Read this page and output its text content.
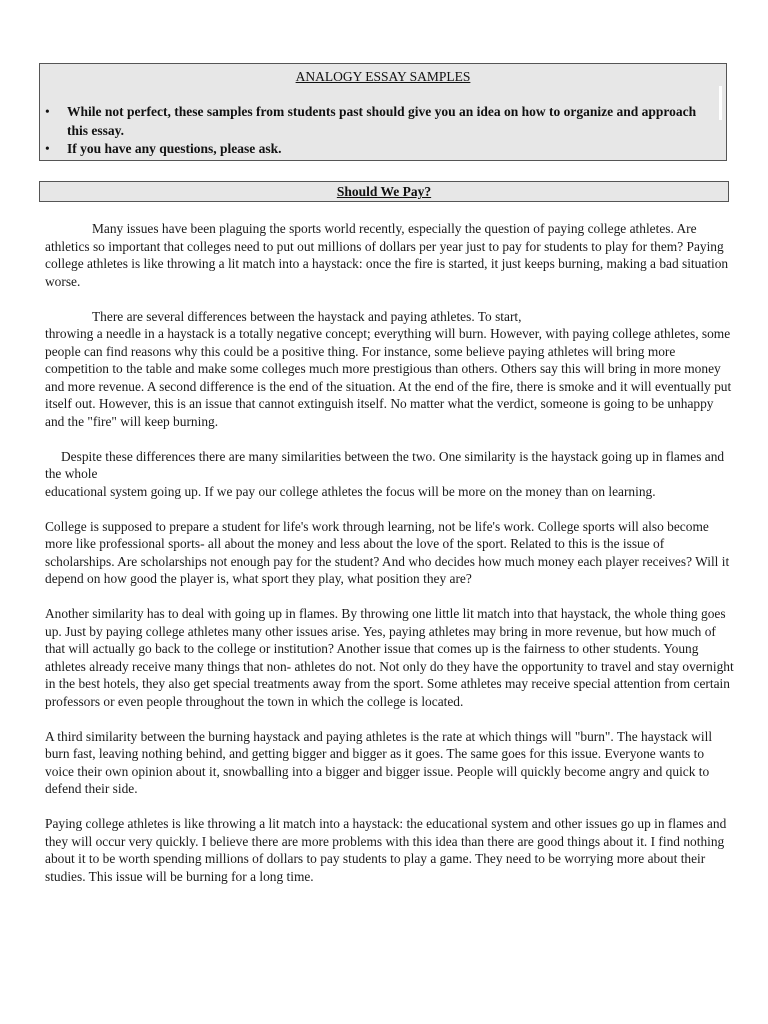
ANALOGY ESSAY SAMPLES
• While not perfect, these samples from students past should give you an idea on how to organize and approach this essay.
• If you have any questions, please ask.
Should We Pay?

Many issues have been plaguing the sports world recently, especially the question of paying college athletes. Are athletics so important that colleges need to put out millions of dollars per year just to pay for students to play for them? Paying college athletes is like throwing a lit match into a haystack: once the fire is started, it just keeps burning, making a bad situation worse.

There are several differences between the haystack and paying athletes. To start,

throwing a needle in a haystack is a totally negative concept; everything will burn. However, with paying college athletes, some people can find reasons why this could be a positive thing. For instance, some believe paying athletes will bring more competition to the table and make some colleges much more prestigious than others. Others say this will bring in more money and more revenue. A second difference is the end of the situation. At the end of the fire, there is smoke and it will eventually put itself out. However, this is an issue that cannot extinguish itself. No matter what the verdict, someone is going to be unhappy and the "fire" will keep burning.

Despite these differences there are many similarities between the two. One similarity is the haystack going up in flames and the whole

educational system going up. If we pay our college athletes the focus will be more on the money than on learning.

College is supposed to prepare a student for life's work through learning, not be life's work. College sports will also become more like professional sports- all about the money and less about the love of the sport. Related to this is the issue of scholarships. Are scholarships not enough pay for the student? And who decides how much money each player receives? Will it depend on how good the player is, what sport they play, what position they are?

Another similarity has to deal with going up in flames. By throwing one little lit match into that haystack, the whole thing goes up. Just by paying college athletes many other issues arise. Yes, paying athletes may bring in more revenue, but how much of that will actually go back to the college or institution? Another issue that comes up is the fairness to other students. Young athletes already receive many things that non- athletes do not. Not only do they have the opportunity to travel and stay overnight in the best hotels, they also get special treatments away from the sport. Some athletes may receive special attention from certain professors or even people throughout the town in which the college is located.

A third similarity between the burning haystack and paying athletes is the rate at which things will "burn". The haystack will burn fast, leaving nothing behind, and getting bigger and bigger as it goes. The same goes for this issue. Everyone wants to voice their own opinion about it, snowballing into a bigger and bigger issue. People will quickly become angry and quick to defend their side.

Paying college athletes is like throwing a lit match into a haystack: the educational system and other issues go up in flames and they will occur very quickly. I believe there are more problems with this idea than there are good things about it. I find nothing about it to be worth spending millions of dollars to pay students to play a game. They need to be worrying more about their studies. This issue will be burning for a long time.
